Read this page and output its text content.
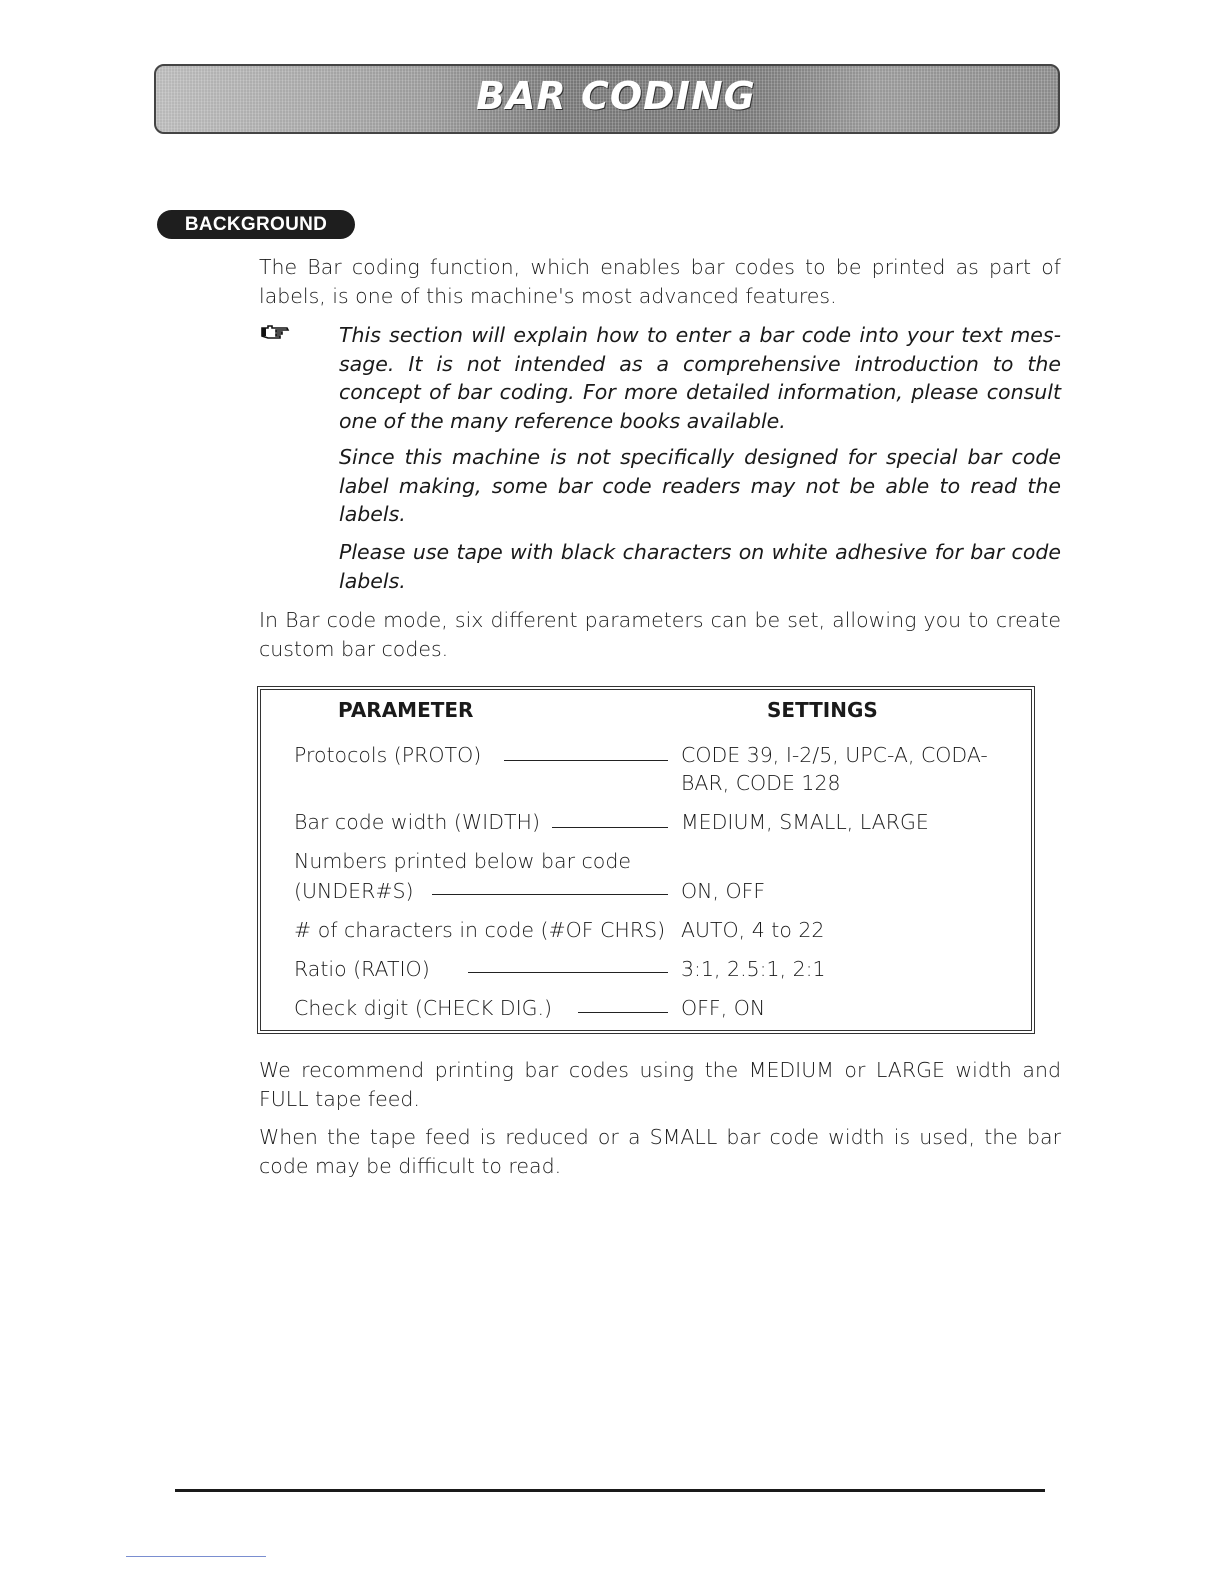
BAR CODING
BACKGROUND

The Bar coding function, which enables bar codes to be printed as part of labels, is one of this machine's most advanced features.

This section will explain how to enter a bar code into your text mes-sage. It is not intended as a comprehensive introduction to the concept of bar coding. For more detailed information, please consult one of the many reference books available.

Since this machine is not specifically designed for special bar code label making, some bar code readers may not be able to read the labels.

Please use tape with black characters on white adhesive for bar code labels.

In Bar code mode, six different parameters can be set, allowing you to create custom bar codes.

PARAMETER	SETTINGS
Protocols (PROTO)	CODE 39, I-2/5, UPC-A, CODA-
BAR, CODE 128
Bar code width (WIDTH)	MEDIUM, SMALL, LARGE
Numbers printed below bar code
(UNDER#S)	ON, OFF
# of characters in code (#OF CHRS) AUTO, 4 to 22
Ratio (RATIO)	3:1, 2.5:1, 2:1
Check digit (CHECK DIG.)	OFF, ON

We recommend printing bar codes using the MEDIUM or LARGE width and FULL tape feed.

When the tape feed is reduced or a SMALL bar code width is used, the bar code may be difficult to read.
